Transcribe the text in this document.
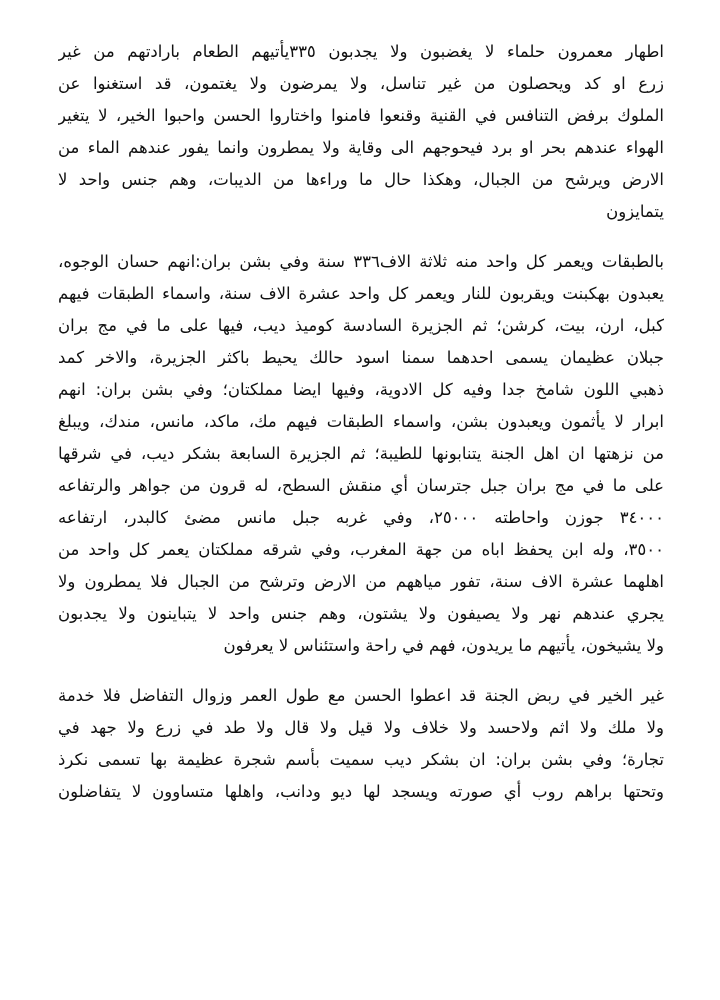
اطهار معمرون حلماء لا يغضبون ولا يجدبون ٣٣٥يأتيهم الطعام بارادتهم من غير
زرع او كد ويحصلون من غير تناسل، ولا يمرضون ولا يغتمون، قد استغنوا عن
الملوك برفض التنافس في القنية وقنعوا فامنوا واختاروا الحسن واحبوا الخير، لا يتغير
الهواء عندهم بحر او برد فيحوجهم الى وقاية ولا يمطرون وانما يفور عندهم الماء من
الارض ويرشح من الجبال، وهكذا حال ما وراءها من الديبات، وهم جنس واحد لا
يتمايزون
بالطبقات ويعمر كل واحد منه ثلاثة الاف٣٣٦ سنة وفي بشن بران:انهم حسان الوجوه،
يعبدون بهكبنت ويقربون للنار ويعمر كل واحد عشرة الاف سنة، واسماء الطبقات فيهم
كبل، ارن، بيت، كرشن؛ ثم الجزيرة السادسة كوميذ ديب، فيها على ما في مج بران
جبلان عظيمان يسمى احدهما سمنا اسود حالك يحيط باكثر الجزيرة، والاخر كمد
ذهبي اللون شامخ جدا وفيه كل الادوية، وفيها ايضا مملكتان؛ وفي بشن بران: انهم
ابرار لا يأثمون ويعبدون بشن، واسماء الطبقات فيهم مك، ماكد، مانس، مندك، ويبلغ
من نزهتها ان اهل الجنة يتنابونها للطيبة؛ ثم الجزيرة السابعة بشكر ديب، في شرقها
على ما في مج بران جبل جترسان أي منقش السطح، له قرون من جواهر والرتفاعه
٣٤٠٠٠ جوزن واحاطته ٢٥٠٠٠، وفي غربه جبل مانس مضئ كالبدر، ارتفاعه
٣٥٠٠، وله ابن يحفظ اباه من جهة المغرب، وفي شرقه مملكتان يعمر كل واحد من
اهلهما عشرة الاف سنة، تفور مياههم من الارض وترشح من الجبال فلا يمطرون ولا
يجري عندهم نهر ولا يصيفون ولا يشتون، وهم جنس واحد لا يتباينون ولا يجدبون
ولا يشيخون، يأتيهم ما يريدون، فهم في راحة واستئناس لا يعرفون
غير الخير في ربض الجنة قد اعطوا الحسن مع طول العمر وزوال التفاضل فلا خدمة
ولا ملك ولا اثم ولاحسد ولا خلاف ولا قيل ولا قال ولا طد في زرع ولا جهد في
تجارة؛ وفي بشن بران: ان بشكر ديب سميت بأسم شجرة عظيمة بها تسمى نكرذ
وتحتها براهم روب أي صورته ويسجد لها ديو ودانب، واهلها متساوون لا يتفاضلون
